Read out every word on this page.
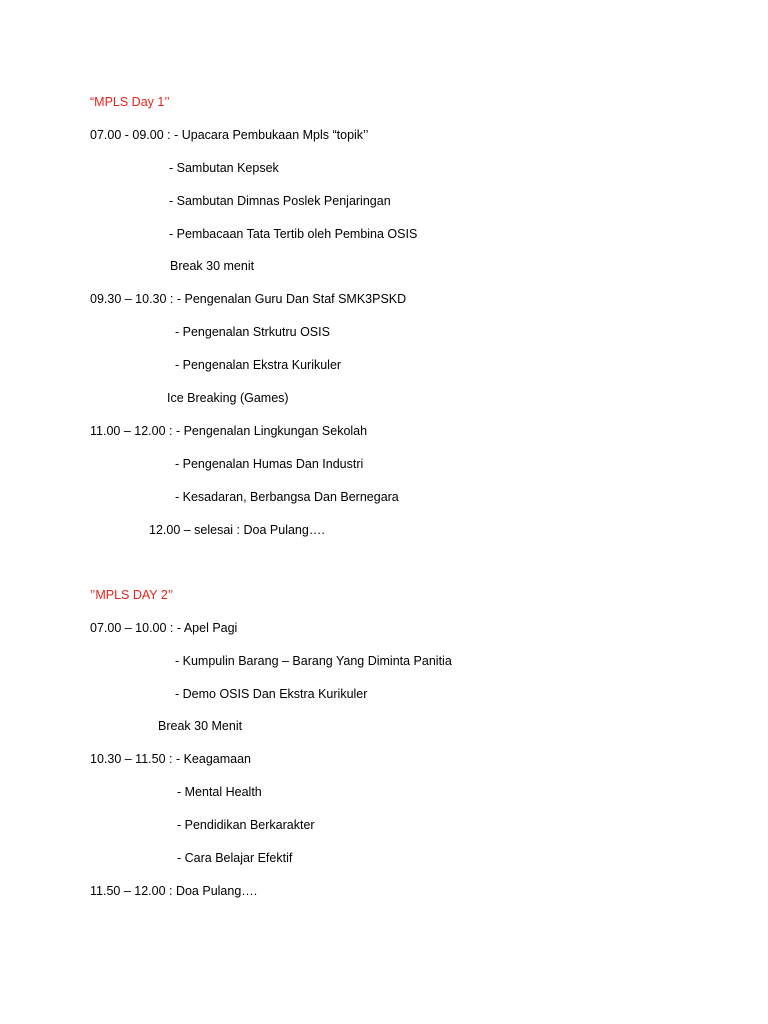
“MPLS Day 1’’
07.00 - 09.00 : - Upacara Pembukaan Mpls “topik’’
- Sambutan Kepsek
- Sambutan Dimnas Poslek Penjaringan
- Pembacaan Tata Tertib oleh Pembina OSIS
Break 30 menit
09.30 – 10.30 : - Pengenalan Guru Dan Staf SMK3PSKD
- Pengenalan Strkutru OSIS
- Pengenalan Ekstra Kurikuler
Ice Breaking (Games)
11.00 – 12.00 : - Pengenalan Lingkungan Sekolah
- Pengenalan Humas Dan Industri
- Kesadaran, Berbangsa Dan Bernegara
12.00 – selesai : Doa Pulang….
’’MPLS DAY 2’’
07.00 – 10.00 : - Apel Pagi
- Kumpulin Barang – Barang Yang Diminta Panitia
- Demo OSIS Dan Ekstra Kurikuler
Break 30 Menit
10.30 – 11.50 : - Keagamaan
- Mental Health
- Pendidikan Berkarakter
- Cara Belajar Efektif
11.50 – 12.00 : Doa Pulang….
